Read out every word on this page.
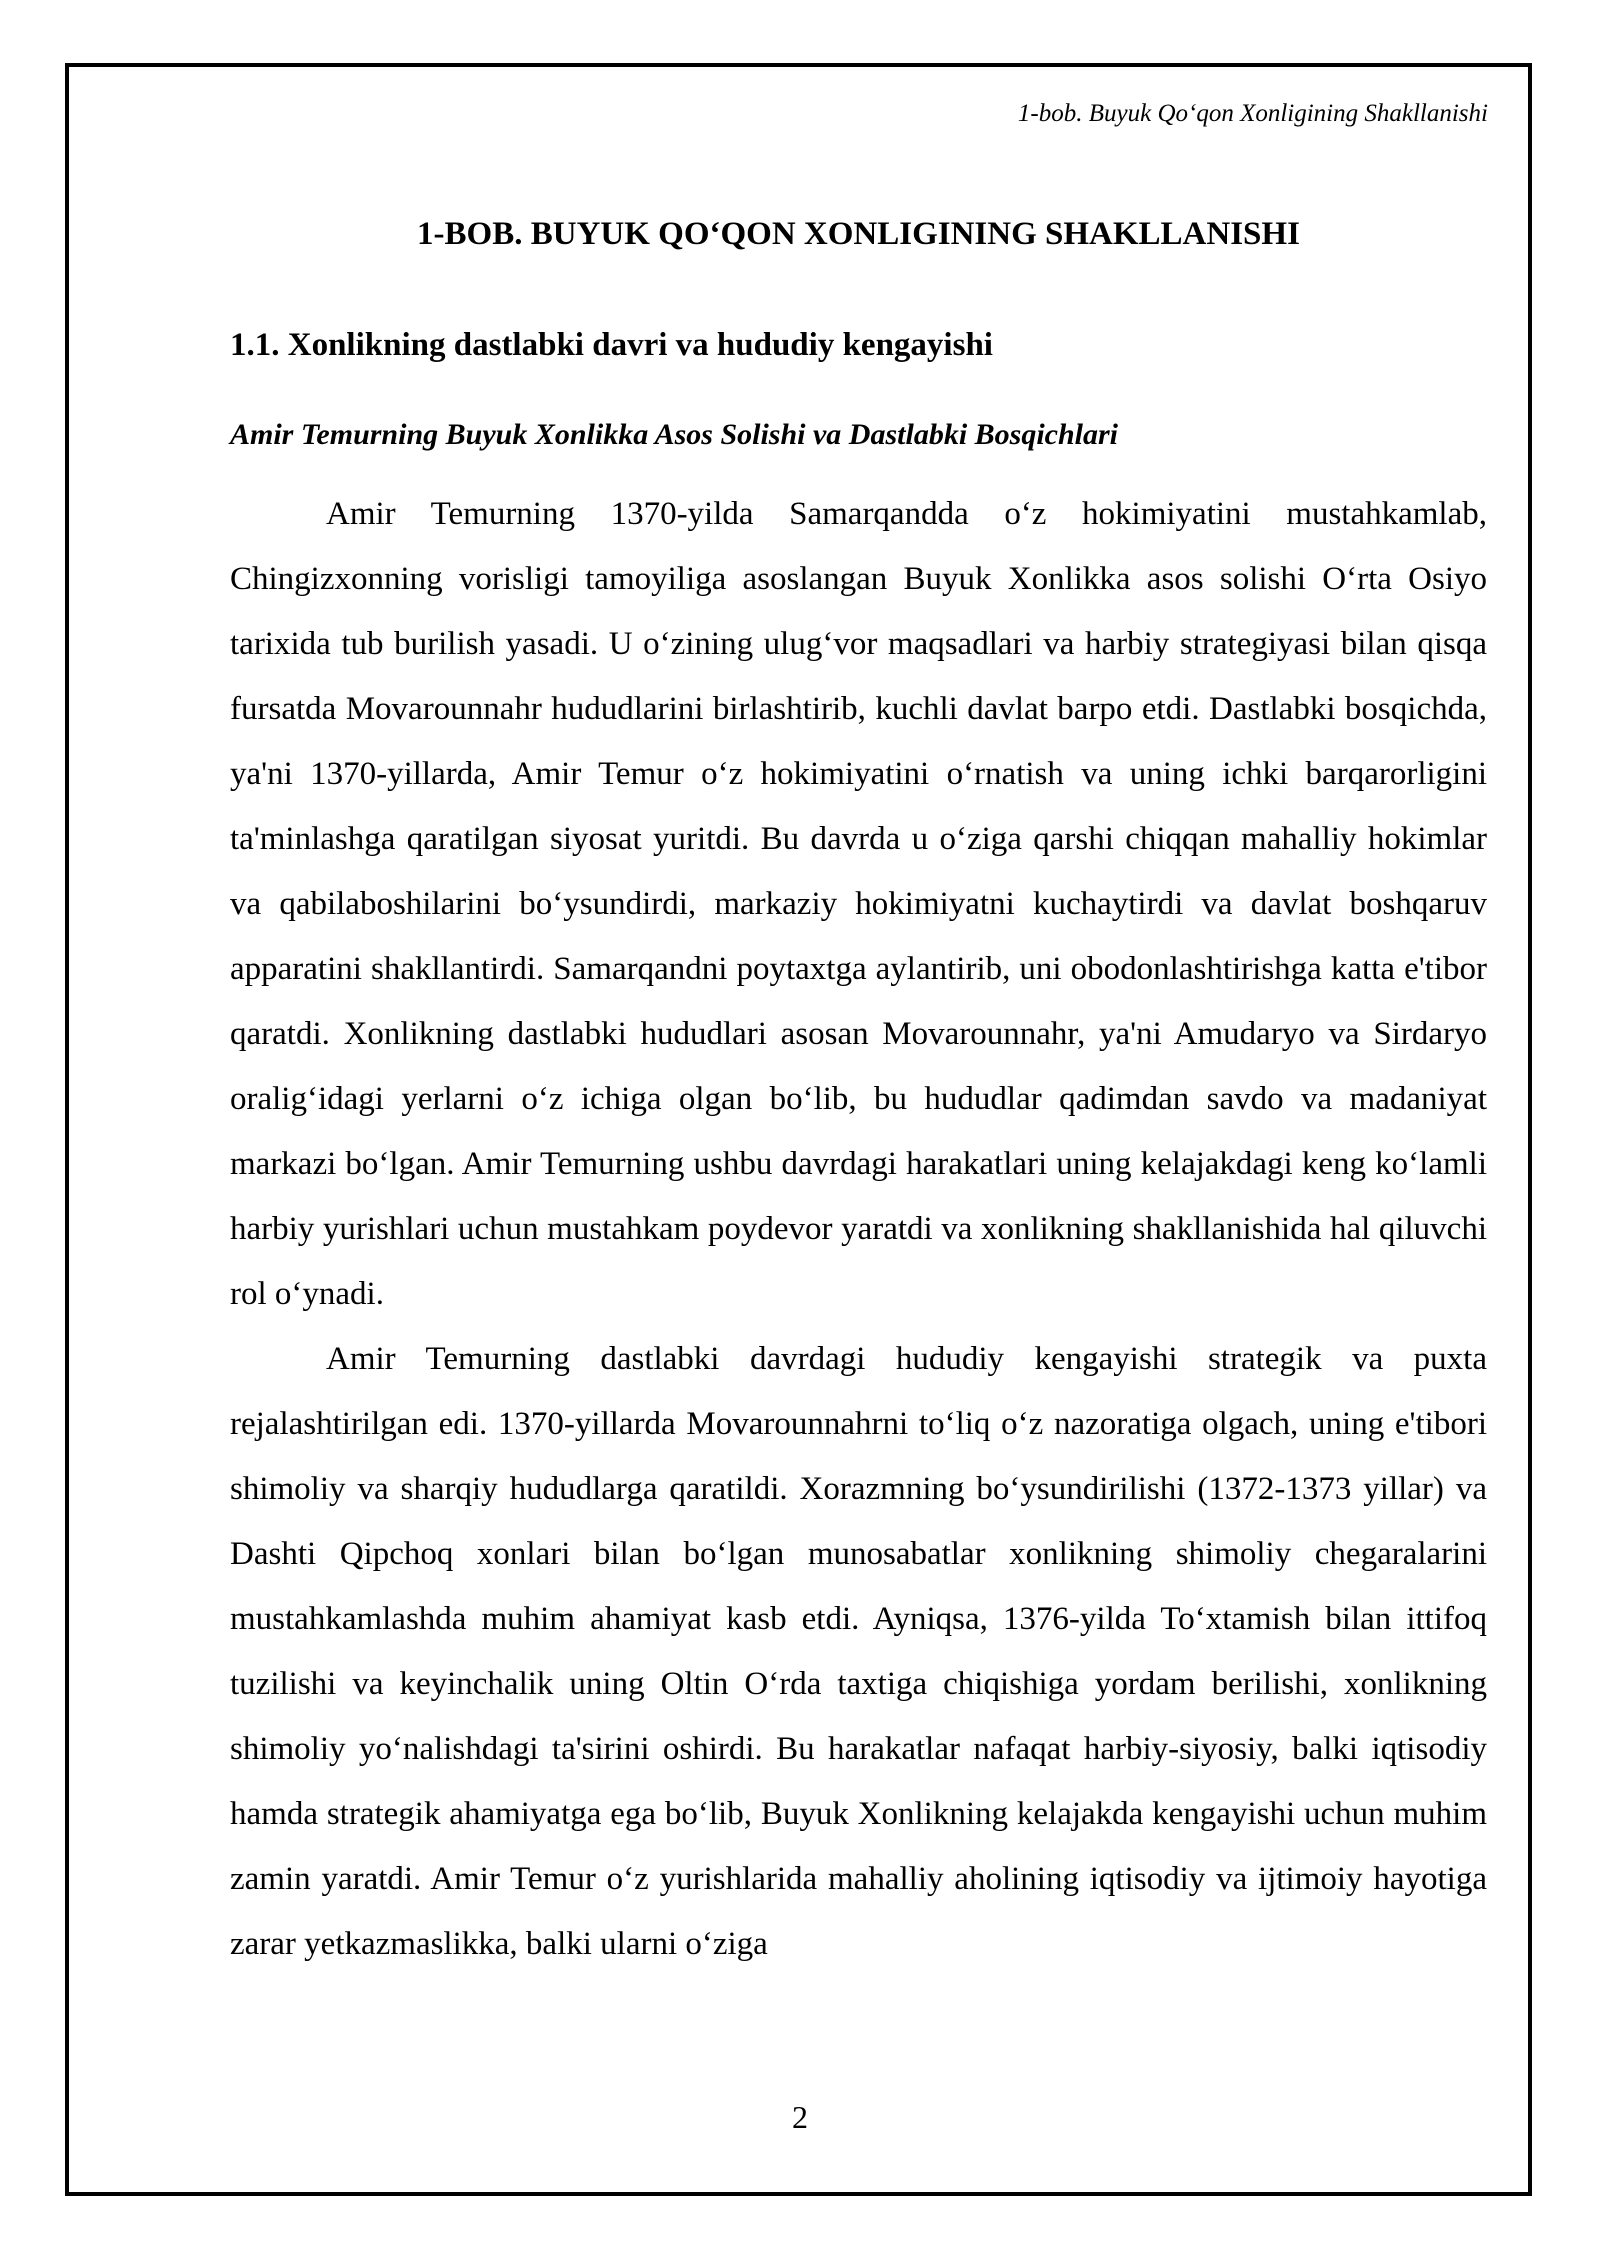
1-bob. Buyuk Qo‘qon Xonligining Shakllanishi
1-BOB. BUYUK QO‘QON XONLIGINING SHAKLLANISHI
1.1. Xonlikning dastlabki davri va hududiy kengayishi
Amir Temurning Buyuk Xonlikka Asos Solishi va Dastlabki Bosqichlari

Amir Temurning 1370-yilda Samarqandda o‘z hokimiyatini mustahkamlab, Chingizxonning vorisligi tamoyiliga asoslangan Buyuk Xonlikka asos solishi O‘rta Osiyo tarixida tub burilish yasadi. U o‘zining ulug‘vor maqsadlari va harbiy strategiyasi bilan qisqa fursatda Movarounnahr hududlarini birlashtirib, kuchli davlat barpo etdi. Dastlabki bosqichda, ya'ni 1370-yillarda, Amir Temur o‘z hokimiyatini o‘rnatish va uning ichki barqarorligini ta'minlashga qaratilgan siyosat yuritdi. Bu davrda u o‘ziga qarshi chiqqan mahalliy hokimlar va qabilaboshilarini bo‘ysundirdi, markaziy hokimiyatni kuchaytirdi va davlat boshqaruv apparatini shakllantirdi. Samarqandni poytaxtga aylantirib, uni obodonlashtirishga katta e'tibor qaratdi. Xonlikning dastlabki hududlari asosan Movarounnahr, ya'ni Amudaryo va Sirdaryo oralig‘idagi yerlarni o‘z ichiga olgan bo‘lib, bu hududlar qadimdan savdo va madaniyat markazi bo‘lgan. Amir Temurning ushbu davrdagi harakatlari uning kelajakdagi keng ko‘lamli harbiy yurishlari uchun mustahkam poydevor yaratdi va xonlikning shakllanishida hal qiluvchi rol o‘ynadi.

Amir Temurning dastlabki davrdagi hududiy kengayishi strategik va puxta rejalashtirilgan edi. 1370-yillarda Movarounnahrni to‘liq o‘z nazoratiga olgach, uning e'tibori shimoliy va sharqiy hududlarga qaratildi. Xorazmning bo‘ysundirilishi (1372-1373 yillar) va Dashti Qipchoq xonlari bilan bo‘lgan munosabatlar xonlikning shimoliy chegaralarini mustahkamlashda muhim ahamiyat kasb etdi. Ayniqsa, 1376-yilda To‘xtamish bilan ittifoq tuzilishi va keyinchalik uning Oltin O‘rda taxtiga chiqishiga yordam berilishi, xonlikning shimoliy yo‘nalishdagi ta'sirini oshirdi. Bu harakatlar nafaqat harbiy-siyosiy, balki iqtisodiy hamda strategik ahamiyatga ega bo‘lib, Buyuk Xonlikning kelajakda kengayishi uchun muhim zamin yaratdi. Amir Temur o‘z yurishlarida mahalliy aholining iqtisodiy va ijtimoiy hayotiga zarar yetkazmaslikka, balki ularni o‘ziga

2
